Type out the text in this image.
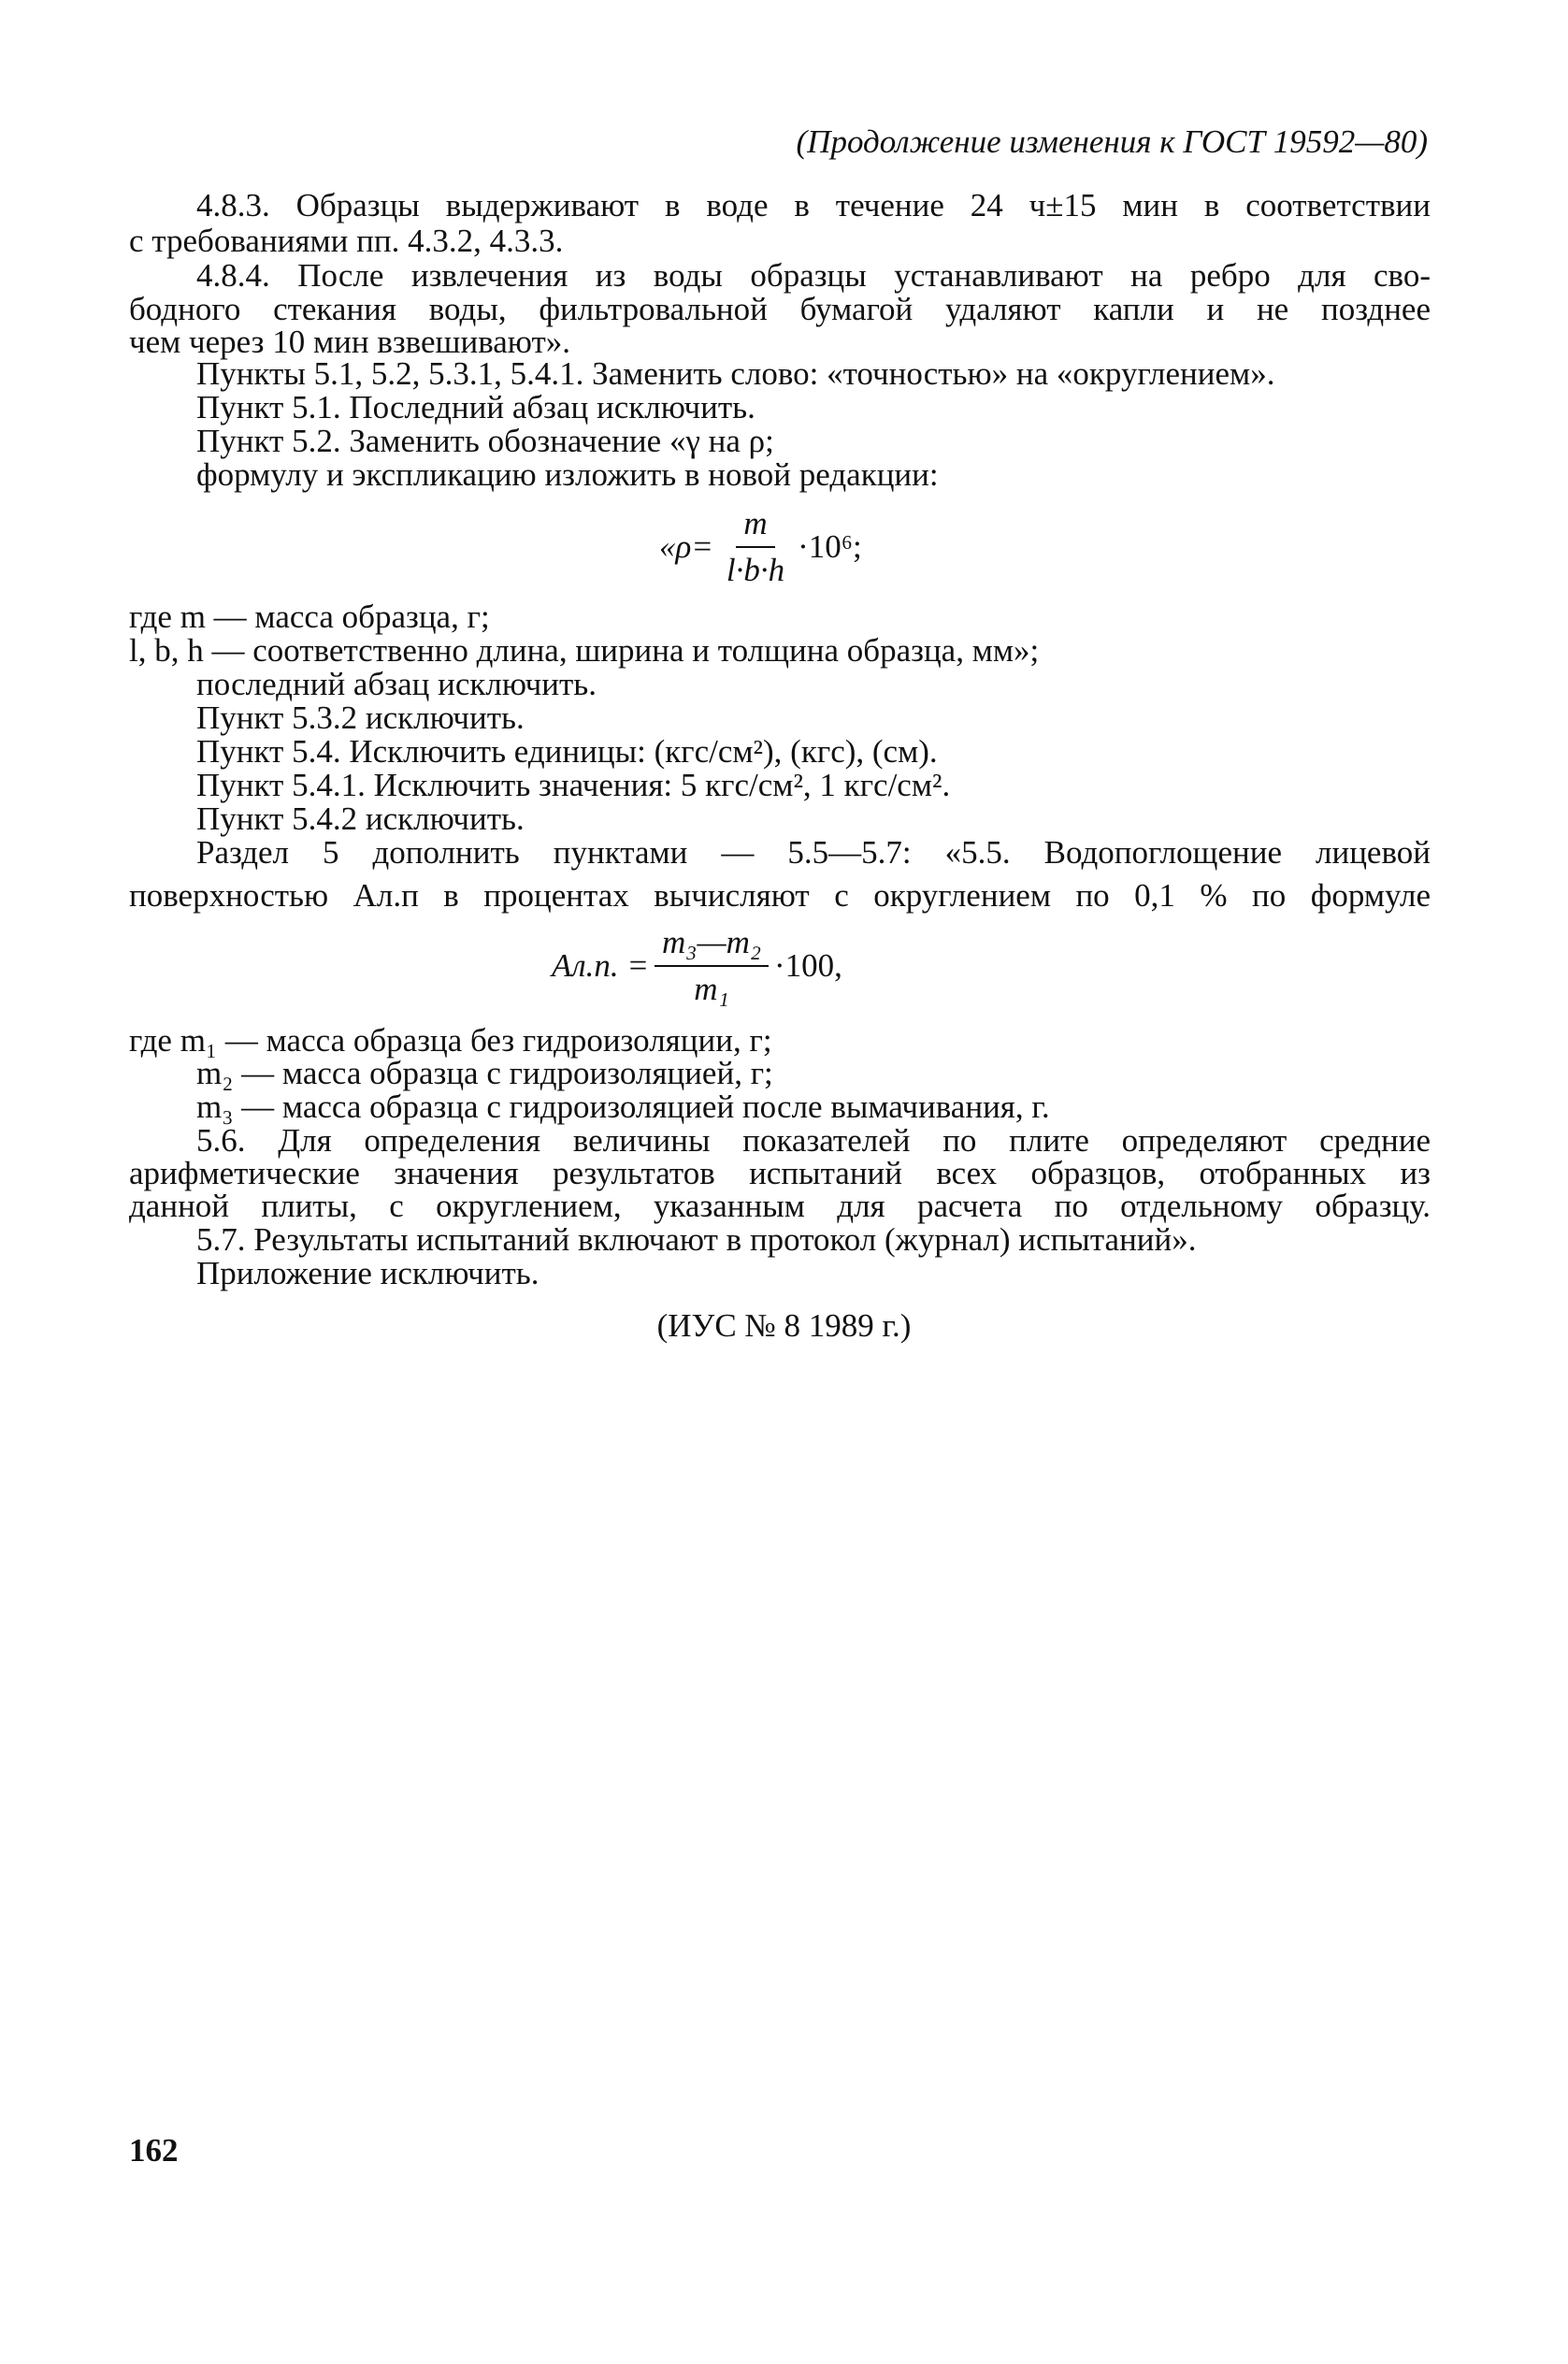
(Продолжение изменения к ГОСТ 19592—80)
4.8.3. Образцы выдерживают в воде в течение 24 ч±15 мин в соответствии
с требованиями пп. 4.3.2, 4.3.3.
4.8.4. После извлечения из воды образцы устанавливают на ребро для сво-
бодного стекания воды, фильтровальной бумагой удаляют капли и не позднее
чем через 10 мин взвешивают».
Пункты 5.1, 5.2, 5.3.1, 5.4.1. Заменить слово: «точностью» на «округлением».
Пункт 5.1. Последний абзац исключить.
Пункт 5.2. Заменить обозначение «γ на ρ;
формулу и экспликацию изложить в новой редакции:
«$\rho= \frac{m}{l\cdot b\cdot h} \cdot 10^6$;
где m — масса образца, г;
l, b, h — соответственно длина, ширина и толщина образца, мм»;
последний абзац исключить.
Пункт 5.3.2 исключить.
Пункт 5.4. Исключить единицы: (кгс/см²), (кгс), (см).
Пункт 5.4.1. Исключить значения: 5 кгс/см², 1 кгс/см².
Пункт 5.4.2 исключить.
Раздел 5 дополнить пунктами — 5.5—5.7: «5.5. Водопоглощение лицевой
поверхностью Aл.п в процентах вычисляют с округлением по 0,1 % по формуле
Aл.п. = $\frac{\text{m₃—m₂}}{\text{m₁}} \cdot 100$,
где m₁ — масса образца без гидроизоляции, г;
m₂ — масса образца с гидроизоляцией, г;
m₃ — масса образца с гидроизоляцией после вымачивания, г.
5.6. Для определения величины показателей по плите определяют средние
арифметические значения результатов испытаний всех образцов, отобранных из
данной плиты, с округлением, указанным для расчета по отдельному образцу.
5.7. Результаты испытаний включают в протокол (журнал) испытаний».
Приложение исключить.
(ИУС № 8 1989 г.)
162
